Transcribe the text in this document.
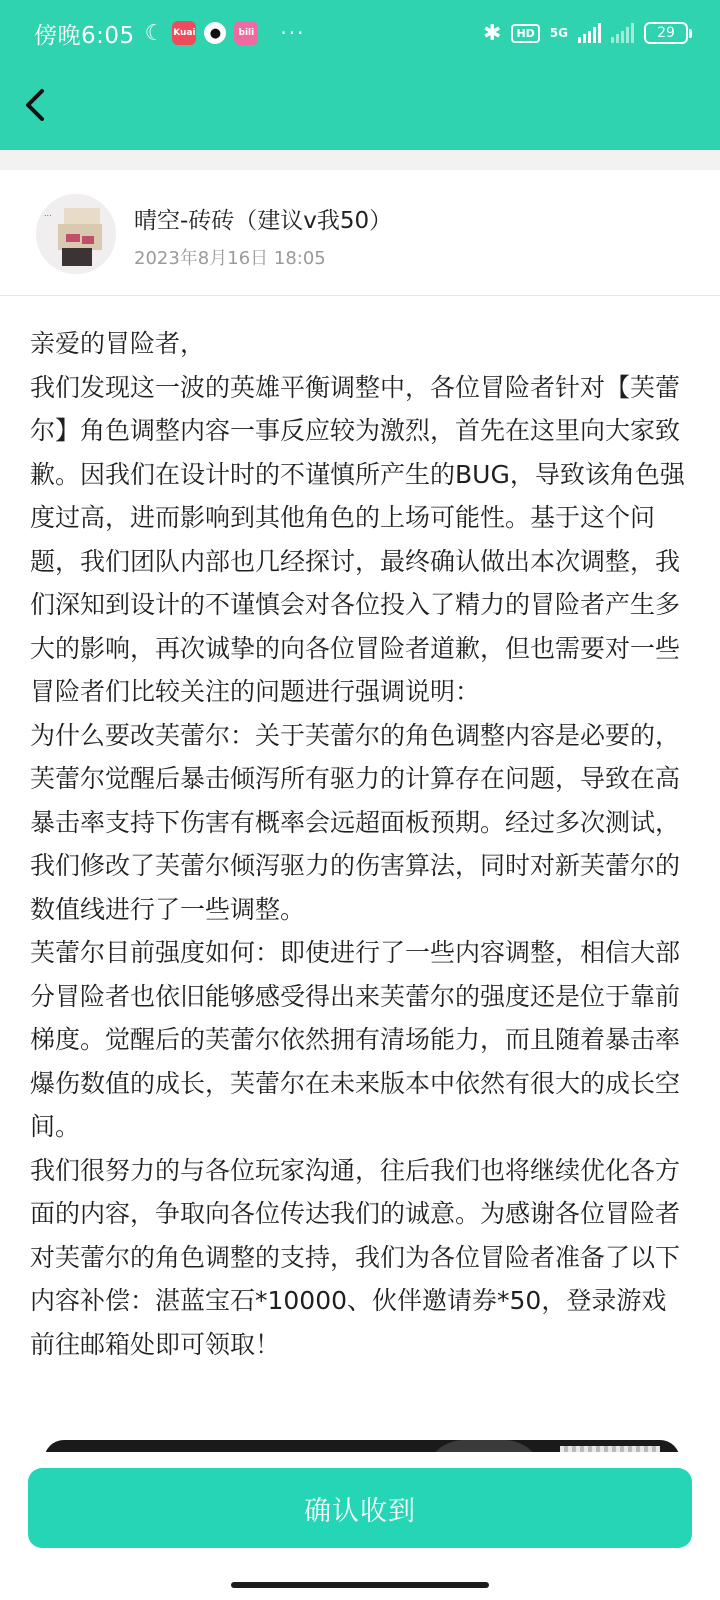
傍晚6:05 ☾ Kuai	●	bili ···	✱	HD	5G	29
...	晴空-砖砖（建议v我50）
2023年8月16日 18:05

亲爱的冒险者，

我们发现这一波的英雄平衡调整中，各位冒险者针对【芙蕾尔】角色调整内容一事反应较为激烈，首先在这里向大家致歉。因我们在设计时的不谨慎所产生的BUG，导致该角色强度过高，进而影响到其他角色的上场可能性。基于这个问题，我们团队内部也几经探讨，最终确认做出本次调整，我们深知到设计的不谨慎会对各位投入了精力的冒险者产生多大的影响，再次诚挚的向各位冒险者道歉，但也需要对一些冒险者们比较关注的问题进行强调说明：

为什么要改芙蕾尔：关于芙蕾尔的角色调整内容是必要的，芙蕾尔觉醒后暴击倾泻所有驱力的计算存在问题，导致在高暴击率支持下伤害有概率会远超面板预期。经过多次测试，我们修改了芙蕾尔倾泻驱力的伤害算法，同时对新芙蕾尔的数值线进行了一些调整。

芙蕾尔目前强度如何：即使进行了一些内容调整，相信大部分冒险者也依旧能够感受得出来芙蕾尔的强度还是位于靠前梯度。觉醒后的芙蕾尔依然拥有清场能力，而且随着暴击率爆伤数值的成长，芙蕾尔在未来版本中依然有很大的成长空间。

我们很努力的与各位玩家沟通，往后我们也将继续优化各方面的内容，争取向各位传达我们的诚意。为感谢各位冒险者对芙蕾尔的角色调整的支持，我们为各位冒险者准备了以下内容补偿：湛蓝宝石*10000、伙伴邀请券*50，登录游戏前往邮箱处即可领取！

确认收到
